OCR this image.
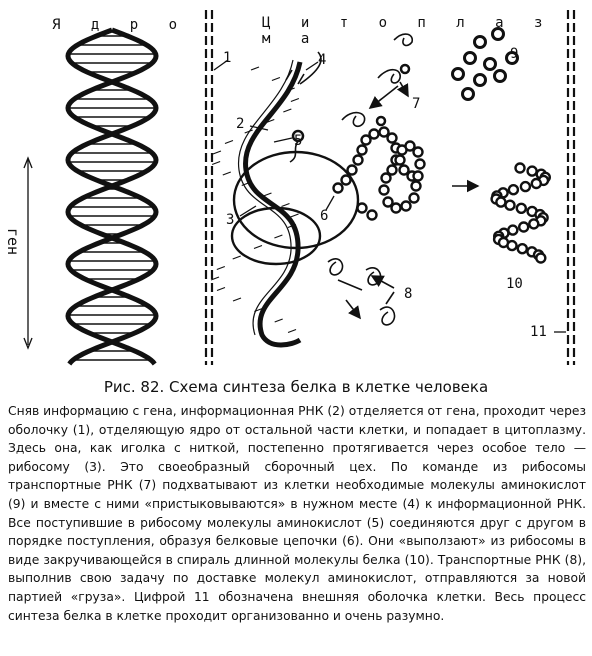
Я д р о	Ц и т о п л а з м а
ген
1
2
3
4
5
6
7
8
9
10
11
Рис. 82. Схема синтеза белка в клетке человека
Сняв информацию с гена, информационная РНК (2) отделяется от гена, проходит через оболочку (1), отделяющую ядро от остальной части клетки, и попадает в цитоплазму. Здесь она, как иголка с ниткой, постепенно протягивается через особое тело — рибосому (3). Это своеобразный сборочный цех. По команде из рибосомы транспортные РНК (7) подхватывают из клетки необходимые молекулы аминокислот (9) и вместе с ними «пристыковываются» в нужном месте (4) к информационной РНК. Все поступившие в рибосому молекулы аминокислот (5) соединяются друг с другом в порядке поступления, образуя белковые цепочки (6). Они «выползают» из рибосомы в виде закручивающейся в спираль длинной молекулы белка (10). Транспортные РНК (8), выполнив свою задачу по доставке молекул аминокислот, отправляются за новой партией «груза». Цифрой 11 обозначена внешняя оболочка клетки. Весь процесс синтеза белка в клетке проходит организованно и очень разумно.
